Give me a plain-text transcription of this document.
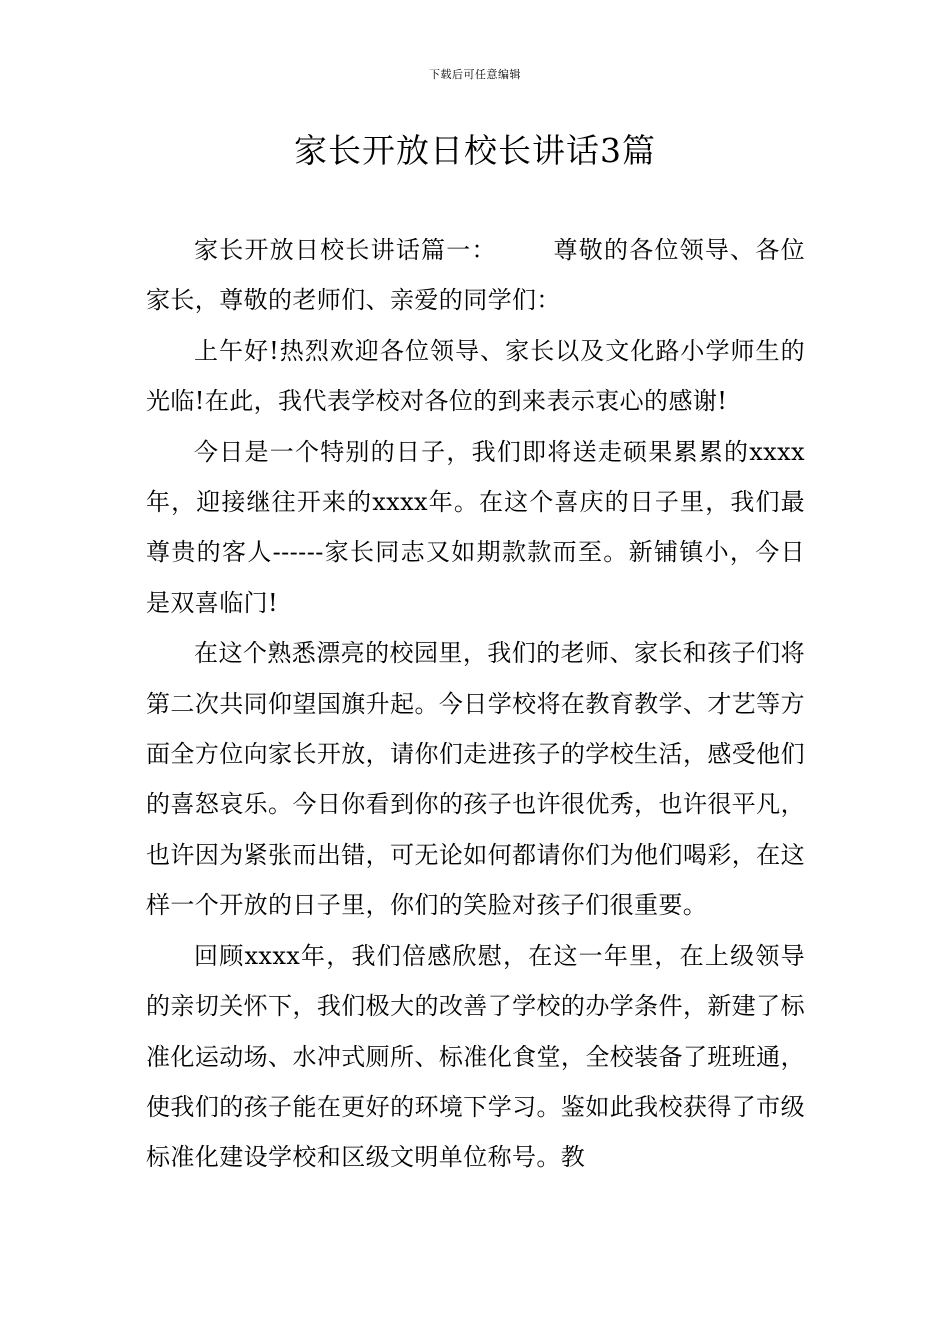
下载后可任意编辑
家长开放日校长讲话3篇

家长开放日校长讲话篇一： 尊敬的各位领导、各位家长，尊敬的老师们、亲爱的同学们：

上午好!热烈欢迎各位领导、家长以及文化路小学师生的光临!在此，我代表学校对各位的到来表示衷心的感谢!

今日是一个特别的日子，我们即将送走硕果累累的xxxx年，迎接继往开来的xxxx年。在这个喜庆的日子里，我们最尊贵的客人------家长同志又如期款款而至。新铺镇小，今日是双喜临门!

在这个熟悉漂亮的校园里，我们的老师、家长和孩子们将第二次共同仰望国旗升起。今日学校将在教育教学、才艺等方面全方位向家长开放，请你们走进孩子的学校生活，感受他们的喜怒哀乐。今日你看到你的孩子也许很优秀，也许很平凡，也许因为紧张而出错，可无论如何都请你们为他们喝彩，在这样一个开放的日子里，你们的笑脸对孩子们很重要。

回顾xxxx年，我们倍感欣慰，在这一年里，在上级领导的亲切关怀下，我们极大的改善了学校的办学条件，新建了标准化运动场、水冲式厕所、标准化食堂，全校装备了班班通，使我们的孩子能在更好的环境下学习。鉴如此我校获得了市级标准化建设学校和区级文明单位称号。教
